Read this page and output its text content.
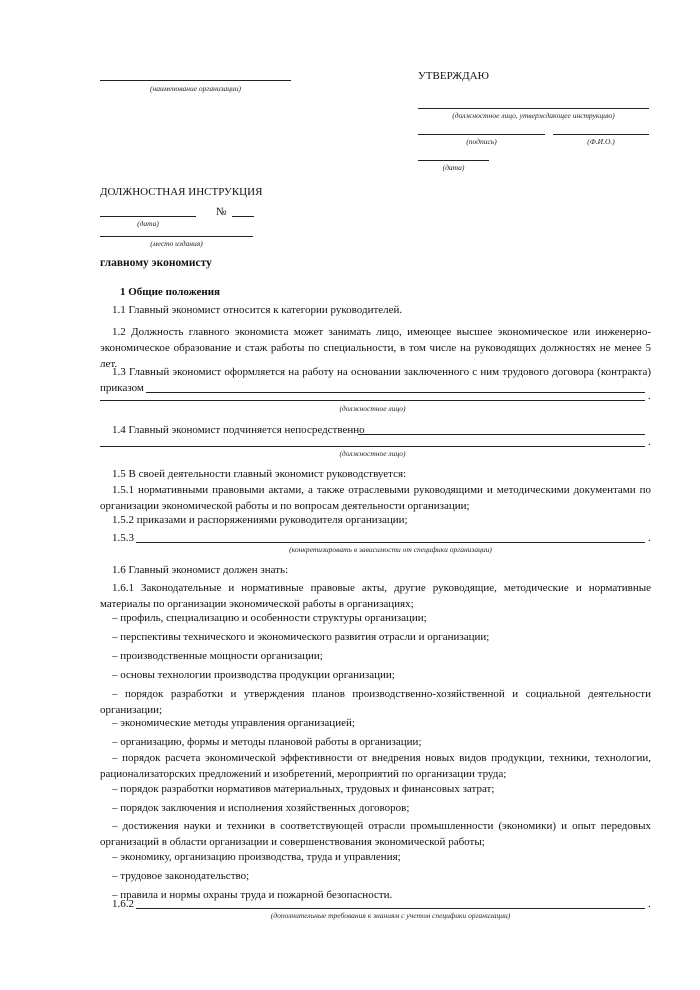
(наименование организации)
УТВЕРЖДАЮ
(должностное лицо, утверждающее инструкцию)
(подпись)	(Ф.И.О.)
(дата)
ДОЛЖНОСТНАЯ ИНСТРУКЦИЯ
(дата)
№
(место издания)
главному экономисту
1 Общие положения
1.1 Главный экономист относится к категории руководителей.
1.2 Должность главного экономиста может занимать лицо, имеющее высшее экономическое или инженерно-экономическое образование и стаж работы по специальности, в том числе на руководящих должностях не менее 5 лет.
1.3 Главный экономист оформляется на работу на основании заключенного с ним трудового договора (контракта)
приказом
.
(должностное лицо)
1.4 Главный экономист подчиняется непосредственно
.
(должностное лицо)
1.5 В своей деятельности главный экономист руководствуется:
1.5.1 нормативными правовыми актами, а также отраслевыми руководящими и методическими документами по организации экономической работы и по вопросам деятельности организации;
1.5.2 приказами и распоряжениями руководителя организации;
1.5.3	.
(конкретизировать в зависимости от специфики организации)
1.6 Главный экономист должен знать:
1.6.1 Законодательные и нормативные правовые акты, другие руководящие, методические и нормативные материалы по организации экономической работы в организациях;
– профиль, специализацию и особенности структуры организации;
– перспективы технического и экономического развития отрасли и организации;
– производственные мощности организации;
– основы технологии производства продукции организации;
– порядок разработки и утверждения планов производственно-хозяйственной и социальной деятельности организации;
– экономические методы управления организацией;
– организацию, формы и методы плановой работы в организации;
– порядок расчета экономической эффективности от внедрения новых видов продукции, техники, технологии, рационализаторских предложений и изобретений, мероприятий по организации труда;
– порядок разработки нормативов материальных, трудовых и финансовых затрат;
– порядок заключения и исполнения хозяйственных договоров;
– достижения науки и техники в соответствующей отрасли промышленности (экономики) и опыт передовых организаций в области организации и совершенствования экономической работы;
– экономику, организацию производства, труда и управления;
– трудовое законодательство;
– правила и нормы охраны труда и пожарной безопасности.
1.6.2	.
(дополнительные требования к знаниям с учетом специфики организации)
